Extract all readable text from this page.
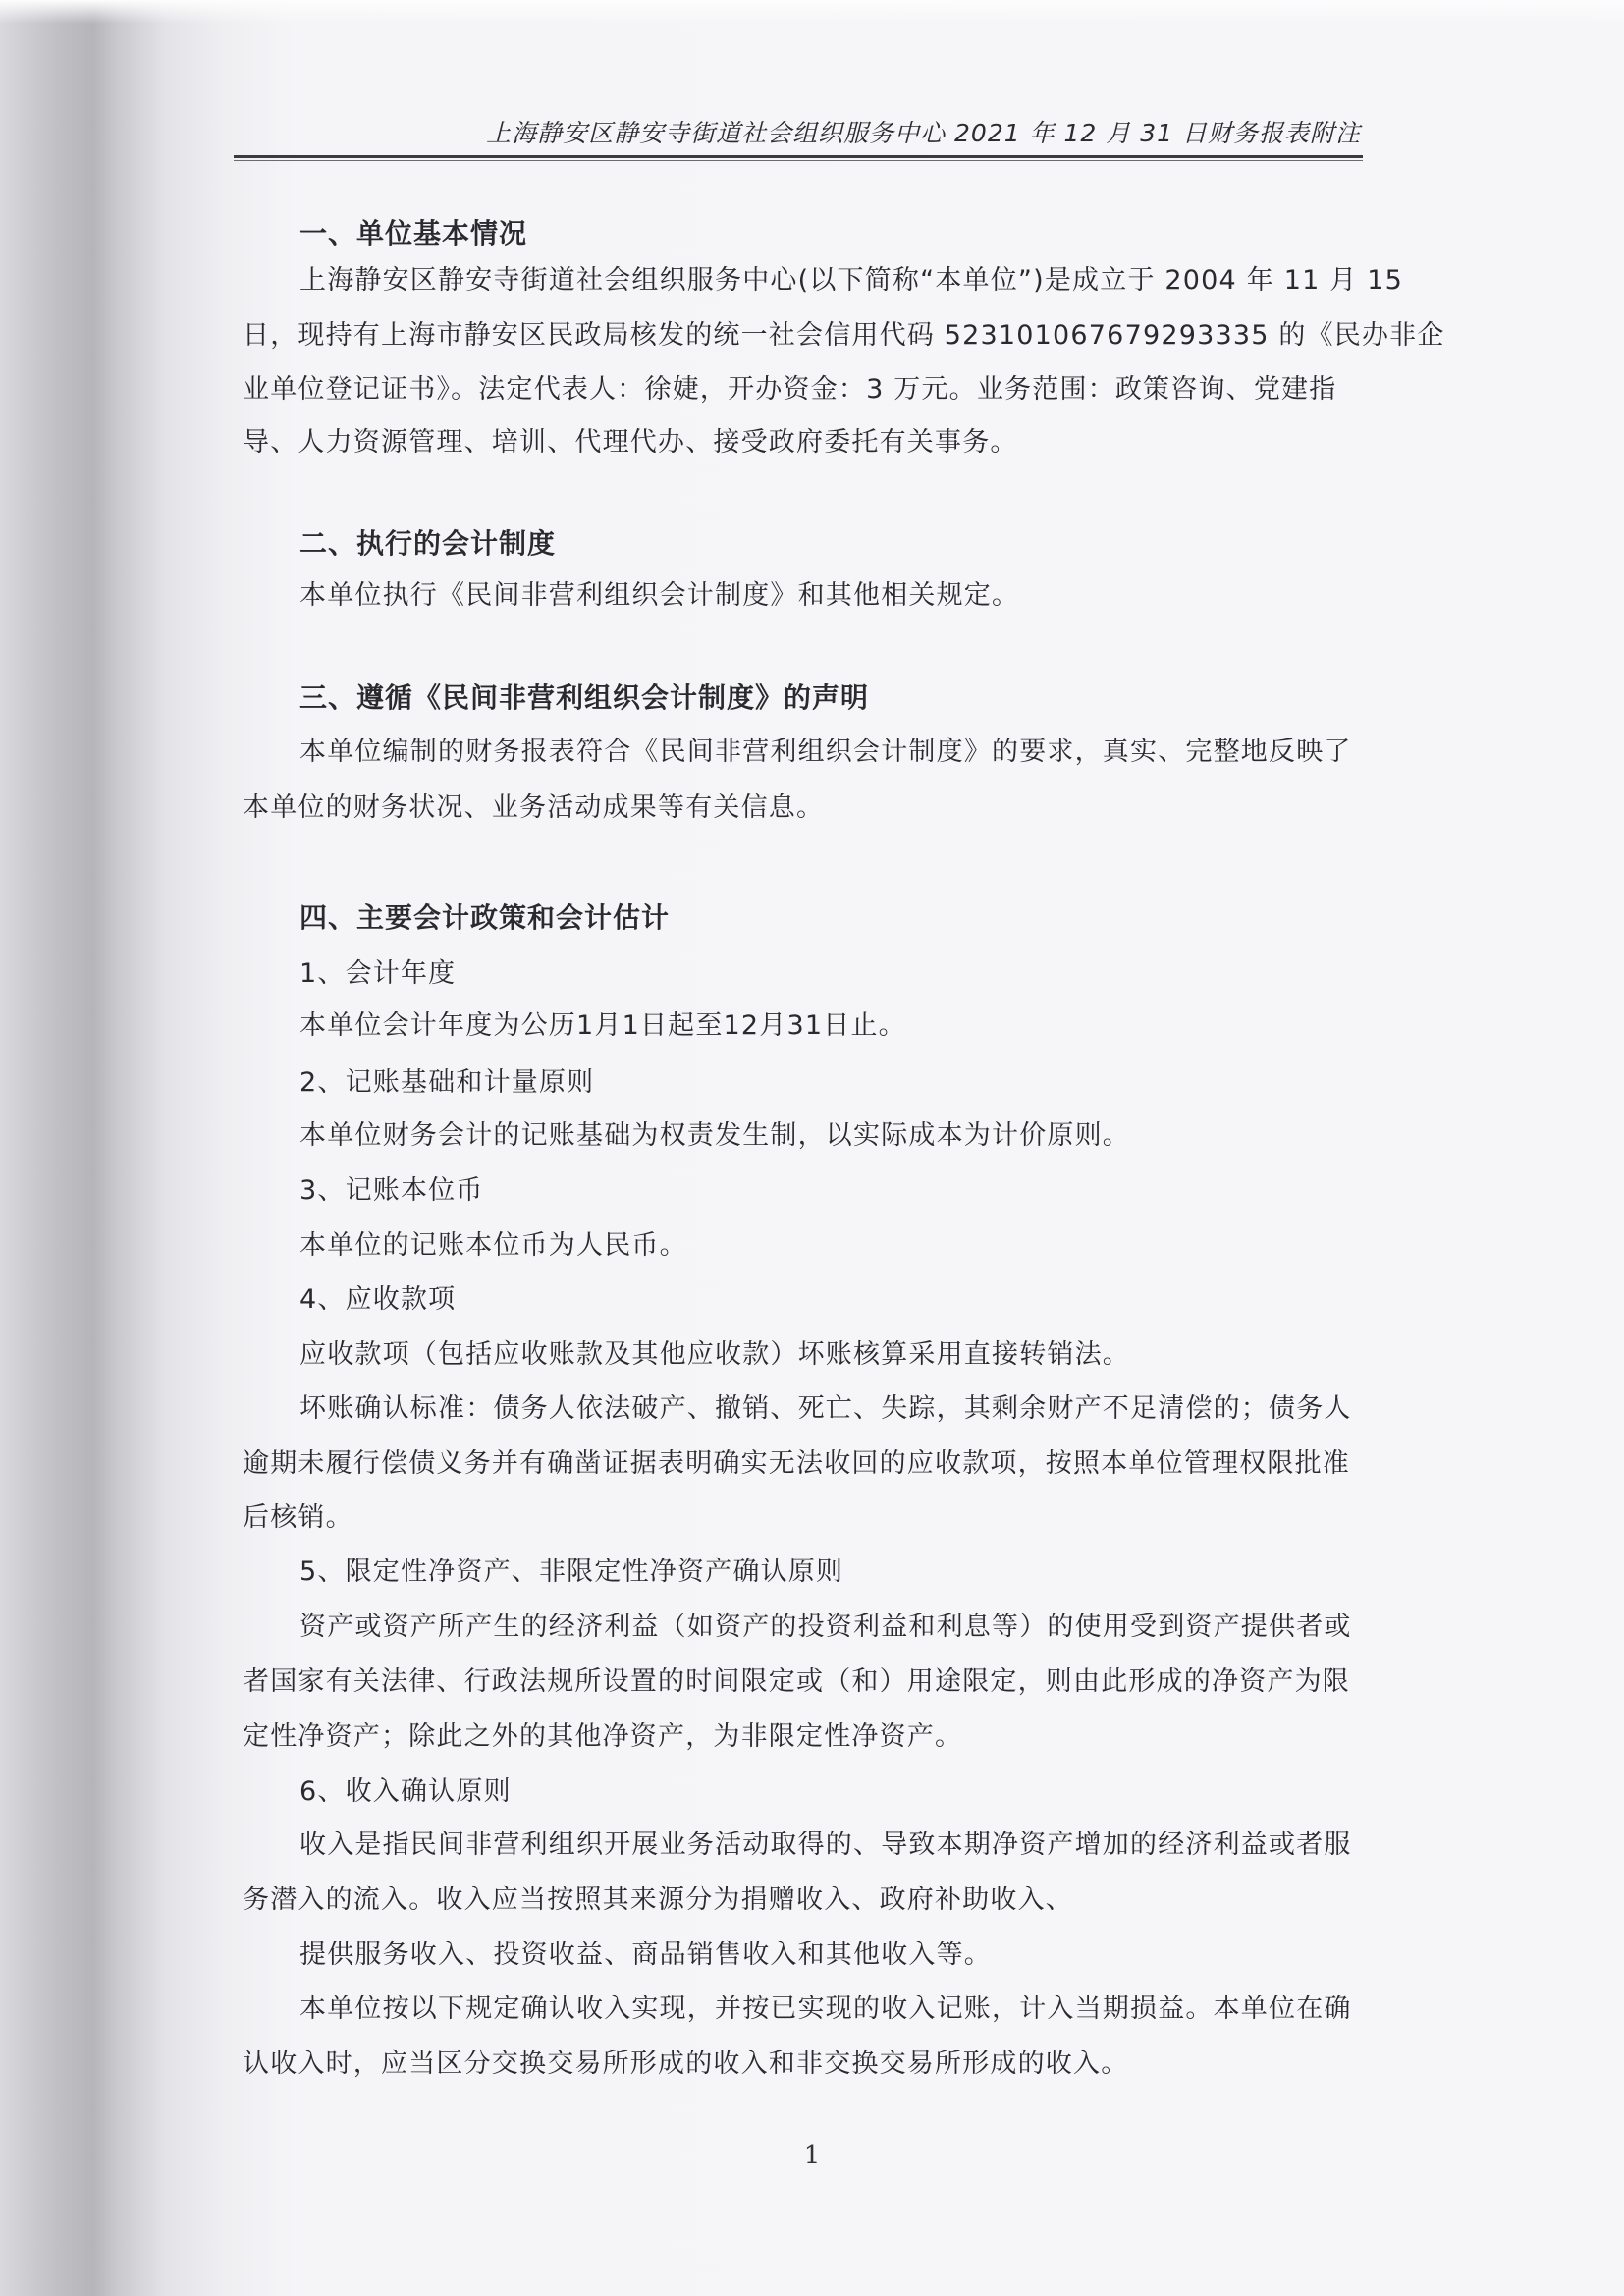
上海静安区静安寺街道社会组织服务中心 2021 年 12 月 31 日财务报表附注
一、单位基本情况
上海静安区静安寺街道社会组织服务中心(以下简称“本单位”)是成立于 2004 年 11 月 15
日，现持有上海市静安区民政局核发的统一社会信用代码 523101067679293335 的《民办非企
业单位登记证书》。法定代表人：徐婕，开办资金：3 万元。业务范围：政策咨询、党建指
导、人力资源管理、培训、代理代办、接受政府委托有关事务。
二、执行的会计制度
本单位执行《民间非营利组织会计制度》和其他相关规定。
三、遵循《民间非营利组织会计制度》的声明
本单位编制的财务报表符合《民间非营利组织会计制度》的要求，真实、完整地反映了
本单位的财务状况、业务活动成果等有关信息。
四、主要会计政策和会计估计
1、会计年度
本单位会计年度为公历1月1日起至12月31日止。
2、记账基础和计量原则
本单位财务会计的记账基础为权责发生制，以实际成本为计价原则。
3、记账本位币
本单位的记账本位币为人民币。
4、应收款项
应收款项（包括应收账款及其他应收款）坏账核算采用直接转销法。
坏账确认标准：债务人依法破产、撤销、死亡、失踪，其剩余财产不足清偿的；债务人
逾期未履行偿债义务并有确凿证据表明确实无法收回的应收款项，按照本单位管理权限批准
后核销。
5、限定性净资产、非限定性净资产确认原则
资产或资产所产生的经济利益（如资产的投资利益和利息等）的使用受到资产提供者或
者国家有关法律、行政法规所设置的时间限定或（和）用途限定，则由此形成的净资产为限
定性净资产；除此之外的其他净资产，为非限定性净资产。
6、收入确认原则
收入是指民间非营利组织开展业务活动取得的、导致本期净资产增加的经济利益或者服
务潜入的流入。收入应当按照其来源分为捐赠收入、政府补助收入、
提供服务收入、投资收益、商品销售收入和其他收入等。
本单位按以下规定确认收入实现，并按已实现的收入记账，计入当期损益。本单位在确
认收入时，应当区分交换交易所形成的收入和非交换交易所形成的收入。
1
